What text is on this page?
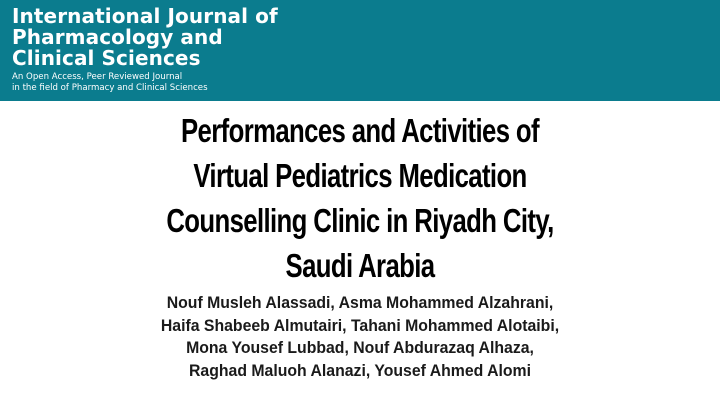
International Journal of
Pharmacology and
Clinical Sciences
An Open Access, Peer Reviewed Journal
in the field of Pharmacy and Clinical Sciences
Performances and Activities of
Virtual Pediatrics Medication
Counselling Clinic in Riyadh City,
Saudi Arabia

Nouf Musleh Alassadi, Asma Mohammed Alzahrani,
Haifa Shabeeb Almutairi, Tahani Mohammed Alotaibi,
Mona Yousef Lubbad, Nouf Abdurazaq Alhaza,
Raghad Maluoh Alanazi, Yousef Ahmed Alomi
